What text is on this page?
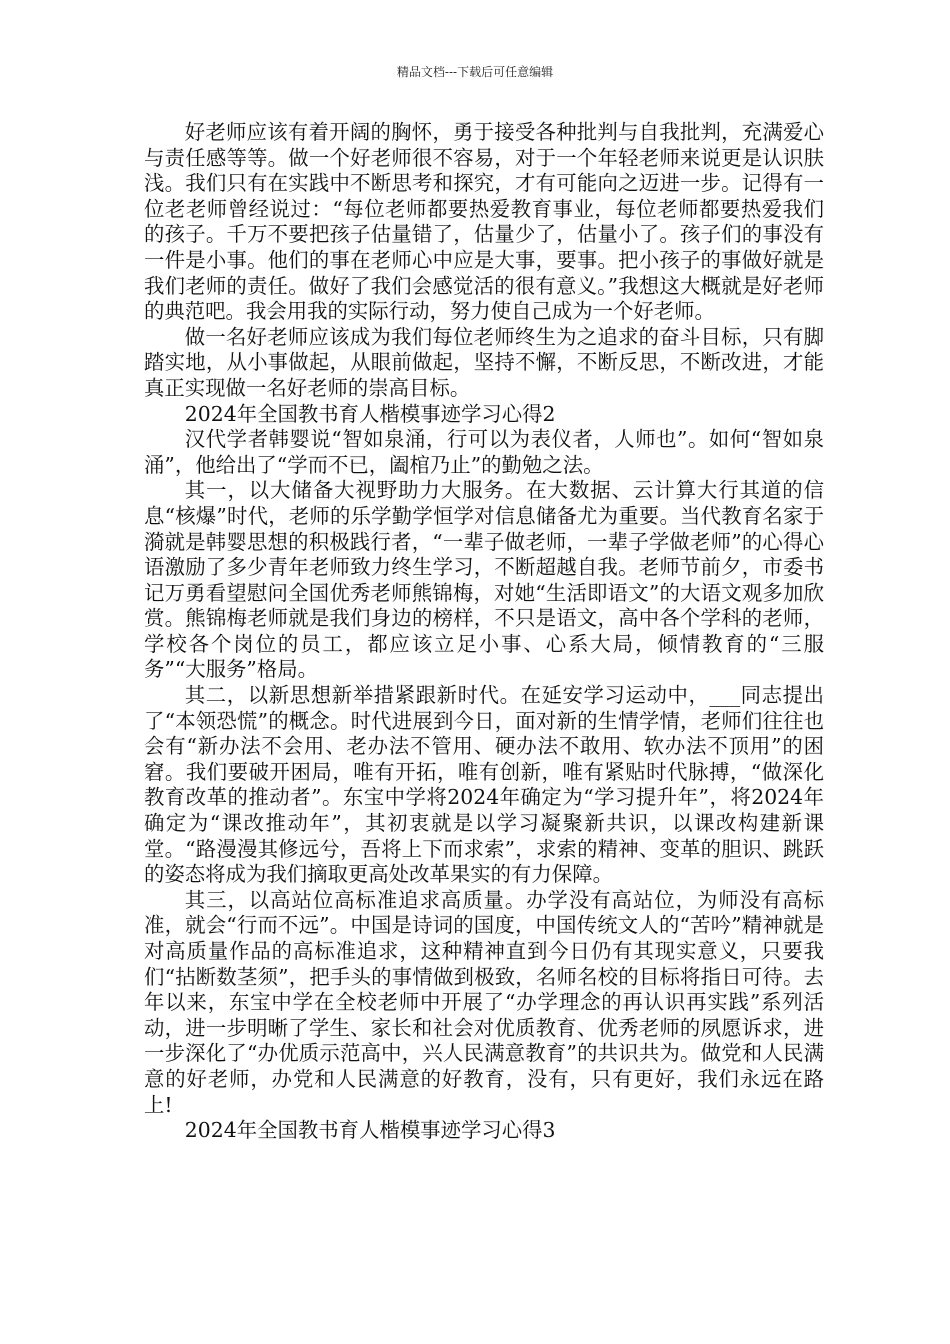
精品文档---下载后可任意编辑

好老师应该有着开阔的胸怀，勇于接受各种批判与自我批判，充满爱心与责任感等等。做一个好老师很不容易，对于一个年轻老师来说更是认识肤浅。我们只有在实践中不断思考和探究，才有可能向之迈进一步。记得有一位老老师曾经说过：“每位老师都要热爱教育事业，每位老师都要热爱我们的孩子。千万不要把孩子估量错了，估量少了，估量小了。孩子们的事没有一件是小事。他们的事在老师心中应是大事，要事。把小孩子的事做好就是我们老师的责任。做好了我们会感觉活的很有意义。”我想这大概就是好老师的典范吧。我会用我的实际行动，努力使自己成为一个好老师。

做一名好老师应该成为我们每位老师终生为之追求的奋斗目标，只有脚踏实地，从小事做起，从眼前做起，坚持不懈，不断反思，不断改进，才能真正实现做一名好老师的崇高目标。

2024年全国教书育人楷模事迹学习心得2

汉代学者韩婴说“智如泉涌，行可以为表仪者，人师也”。如何“智如泉涌”，他给出了“学而不已，阖棺乃止”的勤勉之法。

其一，以大储备大视野助力大服务。在大数据、云计算大行其道的信息“核爆”时代，老师的乐学勤学恒学对信息储备尤为重要。当代教育名家于漪就是韩婴思想的积极践行者，“一辈子做老师，一辈子学做老师”的心得心语激励了多少青年老师致力终生学习，不断超越自我。老师节前夕，市委书记万勇看望慰问全国优秀老师熊锦梅，对她“生活即语文”的大语文观多加欣赏。熊锦梅老师就是我们身边的榜样，不只是语文，高中各个学科的老师，学校各个岗位的员工，都应该立足小事、心系大局，倾情教育的“三服务”“大服务”格局。

其二，以新思想新举措紧跟新时代。在延安学习运动中，___同志提出了“本领恐慌”的概念。时代进展到今日，面对新的生情学情，老师们往往也会有“新办法不会用、老办法不管用、硬办法不敢用、软办法不顶用”的困窘。我们要破开困局，唯有开拓，唯有创新，唯有紧贴时代脉搏，“做深化教育改革的推动者”。东宝中学将2024年确定为“学习提升年”，将2024年确定为“课改推动年”，其初衷就是以学习凝聚新共识，以课改构建新课堂。“路漫漫其修远兮，吾将上下而求索”，求索的精神、变革的胆识、跳跃的姿态将成为我们摘取更高处改革果实的有力保障。

其三，以高站位高标准追求高质量。办学没有高站位，为师没有高标准，就会“行而不远”。中国是诗词的国度，中国传统文人的“苦吟”精神就是对高质量作品的高标准追求，这种精神直到今日仍有其现实意义，只要我们“拈断数茎须”，把手头的事情做到极致，名师名校的目标将指日可待。去年以来，东宝中学在全校老师中开展了“办学理念的再认识再实践”系列活动，进一步明晰了学生、家长和社会对优质教育、优秀老师的夙愿诉求，进一步深化了“办优质示范高中，兴人民满意教育”的共识共为。做党和人民满意的好老师，办党和人民满意的好教育，没有，只有更好，我们永远在路上!

2024年全国教书育人楷模事迹学习心得3
